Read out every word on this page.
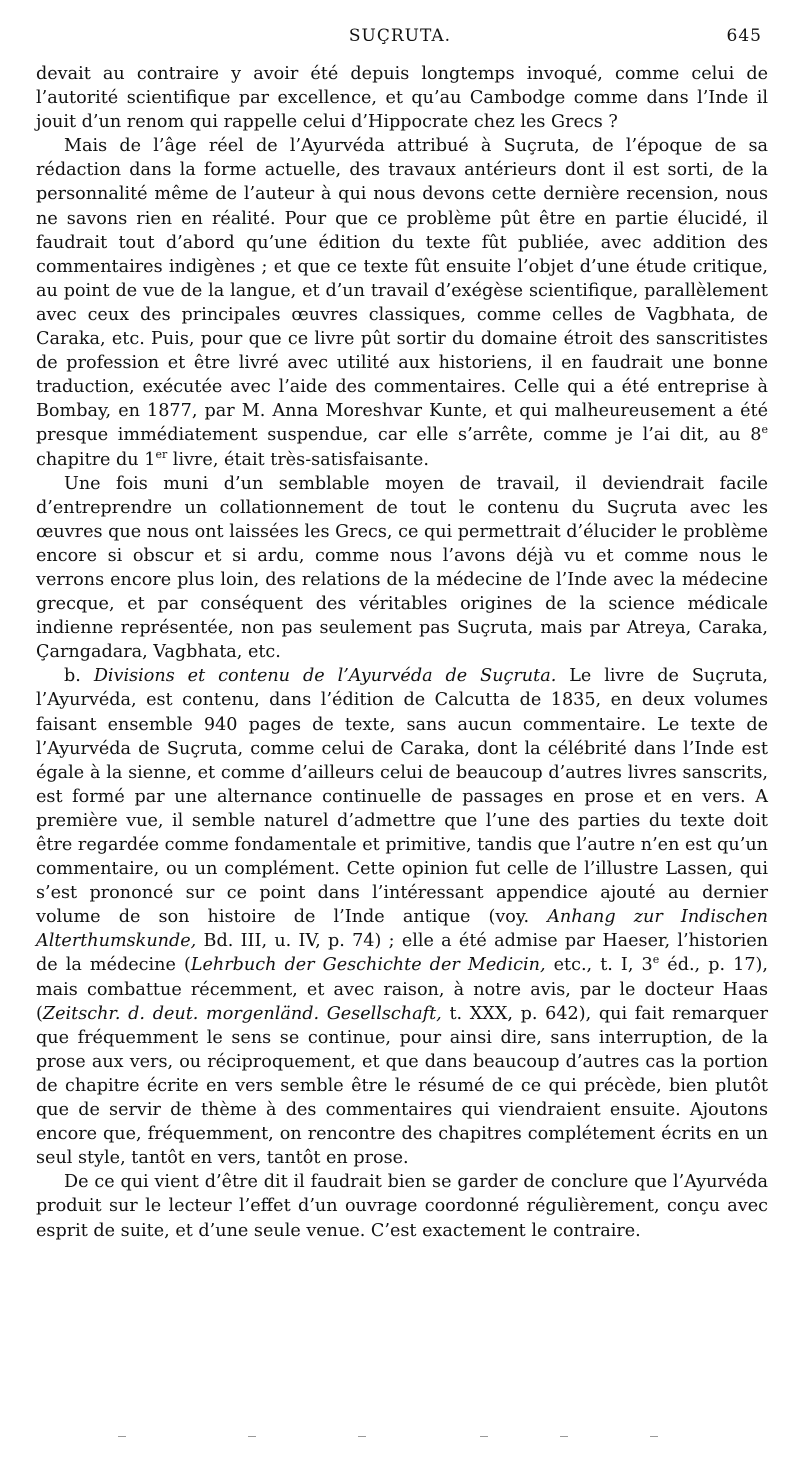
SUÇRUTA.	645

devait au contraire y avoir été depuis longtemps invoqué, comme celui de l’autorité scientifique par excellence, et qu’au Cambodge comme dans l’Inde il jouit d’un renom qui rappelle celui d’Hippocrate chez les Grecs ?

Mais de l’âge réel de l’Ayurvéda attribué à Suçruta, de l’époque de sa rédaction dans la forme actuelle, des travaux antérieurs dont il est sorti, de la personnalité même de l’auteur à qui nous devons cette dernière recension, nous ne savons rien en réalité. Pour que ce problème pût être en partie élucidé, il faudrait tout d’abord qu’une édition du texte fût publiée, avec addition des commentaires indigènes ; et que ce texte fût ensuite l’objet d’une étude critique, au point de vue de la langue, et d’un travail d’exégèse scientifique, parallèlement avec ceux des principales œuvres classiques, comme celles de Vagbhata, de Caraka, etc. Puis, pour que ce livre pût sortir du domaine étroit des sanscritistes de profession et être livré avec utilité aux historiens, il en faudrait une bonne traduction, exécutée avec l’aide des commentaires. Celle qui a été entreprise à Bombay, en 1877, par M. Anna Moreshvar Kunte, et qui malheureusement a été presque immédiatement suspendue, car elle s’arrête, comme je l’ai dit, au 8e chapitre du 1er livre, était très-satisfaisante.

Une fois muni d’un semblable moyen de travail, il deviendrait facile d’entreprendre un collationnement de tout le contenu du Suçruta avec les œuvres que nous ont laissées les Grecs, ce qui permettrait d’élucider le problème encore si obscur et si ardu, comme nous l’avons déjà vu et comme nous le verrons encore plus loin, des relations de la médecine de l’Inde avec la médecine grecque, et par conséquent des véritables origines de la science médicale indienne représentée, non pas seulement pas Suçruta, mais par Atreya, Caraka, Çarngadara, Vagbhata, etc.

b. Divisions et contenu de l’Ayurvéda de Suçruta. Le livre de Suçruta, l’Ayurvéda, est contenu, dans l’édition de Calcutta de 1835, en deux volumes faisant ensemble 940 pages de texte, sans aucun commentaire. Le texte de l’Ayurvéda de Suçruta, comme celui de Caraka, dont la célébrité dans l’Inde est égale à la sienne, et comme d’ailleurs celui de beaucoup d’autres livres sanscrits, est formé par une alternance continuelle de passages en prose et en vers. A première vue, il semble naturel d’admettre que l’une des parties du texte doit être regardée comme fondamentale et primitive, tandis que l’autre n’en est qu’un commentaire, ou un complément. Cette opinion fut celle de l’illustre Lassen, qui s’est prononcé sur ce point dans l’intéressant appendice ajouté au dernier volume de son histoire de l’Inde antique (voy. Anhang zur Indischen Alterthumskunde, Bd. III, u. IV, p. 74) ; elle a été admise par Haeser, l’historien de la médecine (Lehrbuch der Geschichte der Medicin, etc., t. I, 3e éd., p. 17), mais combattue récemment, et avec raison, à notre avis, par le docteur Haas (Zeitschr. d. deut. morgenländ. Gesellschaft, t. XXX, p. 642), qui fait remarquer que fréquemment le sens se continue, pour ainsi dire, sans interruption, de la prose aux vers, ou réciproquement, et que dans beaucoup d’autres cas la portion de chapitre écrite en vers semble être le résumé de ce qui précède, bien plutôt que de servir de thème à des commentaires qui viendraient ensuite. Ajoutons encore que, fréquemment, on rencontre des chapitres complétement écrits en un seul style, tantôt en vers, tantôt en prose.

De ce qui vient d’être dit il faudrait bien se garder de conclure que l’Ayurvéda produit sur le lecteur l’effet d’un ouvrage coordonné régulièrement, conçu avec esprit de suite, et d’une seule venue. C’est exactement le contraire.
